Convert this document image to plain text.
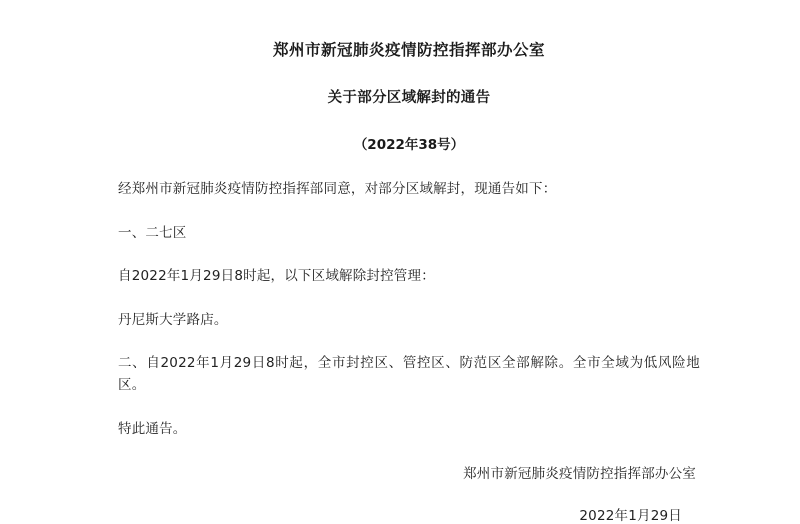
郑州市新冠肺炎疫情防控指挥部办公室
关于部分区域解封的通告
（2022年38号）

经郑州市新冠肺炎疫情防控指挥部同意，对部分区域解封，现通告如下：

一、二七区

自2022年1月29日8时起，以下区域解除封控管理：

丹尼斯大学路店。

二、自2022年1月29日8时起，全市封控区、管控区、防范区全部解除。全市全域为低风险地区。

特此通告。

郑州市新冠肺炎疫情防控指挥部办公室
2022年1月29日
